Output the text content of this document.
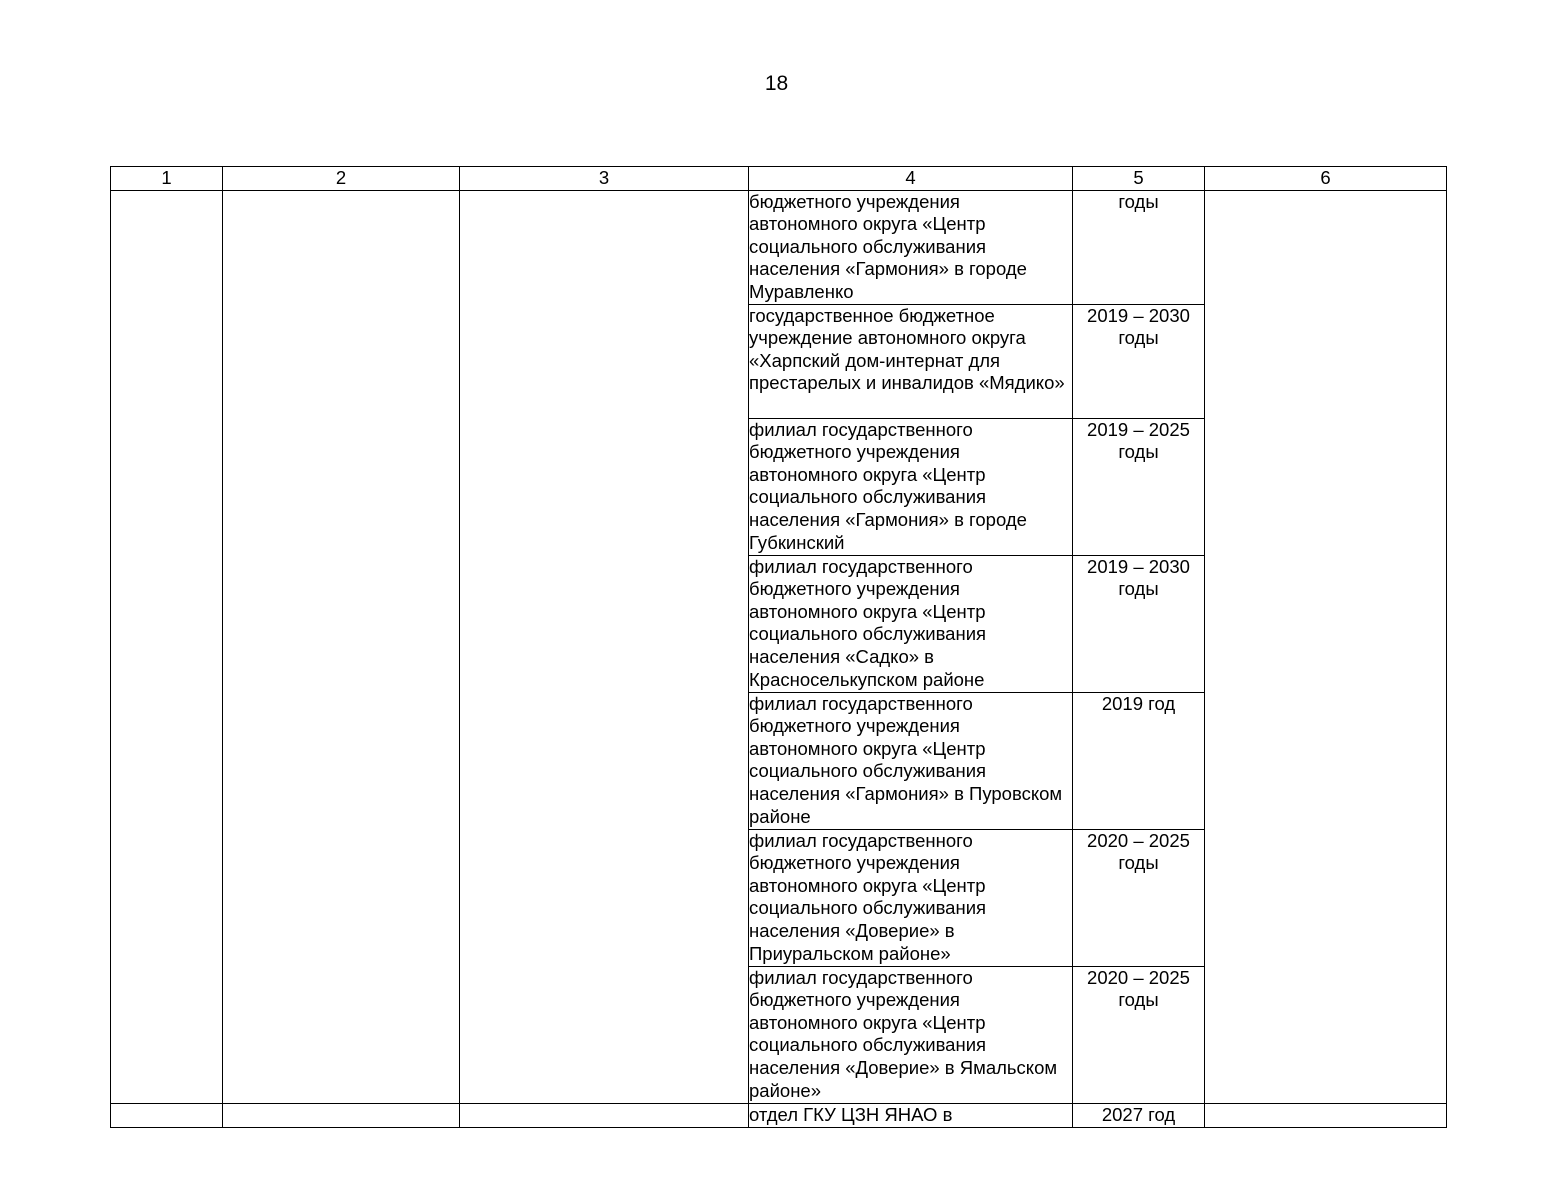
18
1	2	3	4	5	6
			бюджетного учреждения автономного округа «Центр социального обслуживания населения «Гармония» в городе Муравленко	годы	
			государственное бюджетное учреждение автономного округа «Харпский дом-интернат для престарелых и инвалидов «Мядико»	2019 – 2030 годы	
			филиал государственного бюджетного учреждения автономного округа «Центр социального обслуживания населения «Гармония» в городе Губкинский	2019 – 2025 годы	
			филиал государственного бюджетного учреждения автономного округа «Центр социального обслуживания населения «Садко» в Красноселькупском районе	2019 – 2030 годы	
			филиал государственного бюджетного учреждения автономного округа «Центр социального обслуживания населения «Гармония» в Пуровском районе	2019 год	
			филиал государственного бюджетного учреждения автономного округа «Центр социального обслуживания населения «Доверие» в Приуральском районе»	2020 – 2025 годы	
			филиал государственного бюджетного учреждения автономного округа «Центр социального обслуживания населения «Доверие» в Ямальском районе»	2020 – 2025 годы	
			отдел ГКУ ЦЗН ЯНАО в	2027 год	
